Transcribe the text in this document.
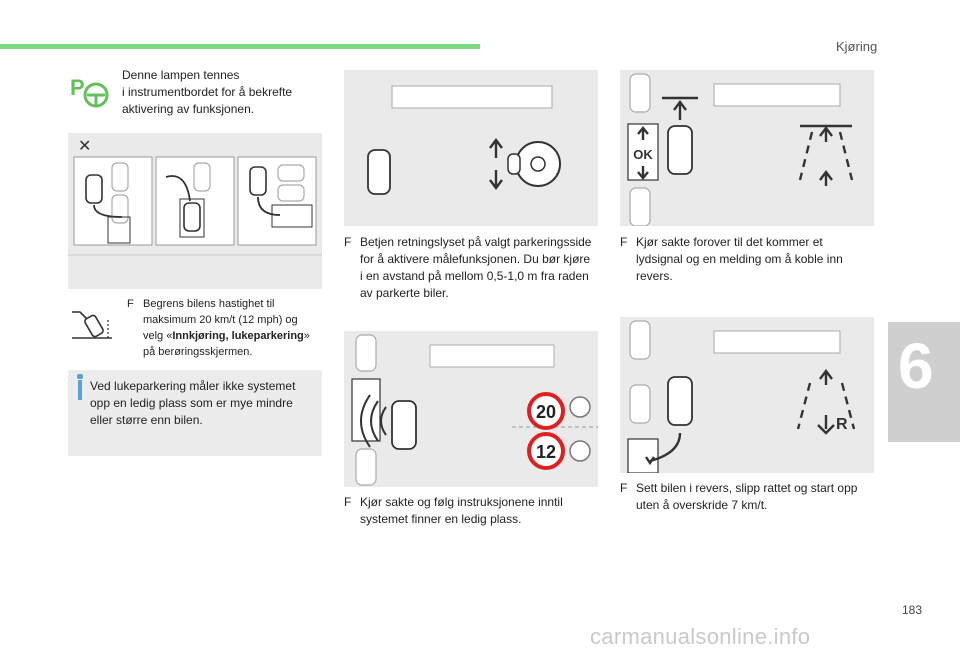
Kjøring
6
183
carmanualsonline.info
P	Denne lampen tennes
i instrumentbordet for å bekrefte
aktivering av funksjonen.
✕
F Begrens bilens hastighet til
maksimum 20 km/t (12 mph) og
velg «Innkjøring, lukeparkering»
på berøringsskjermen.
Ved lukeparkering måler ikke systemet
opp en ledig plass som er mye mindre
eller større enn bilen.
F Betjen retningslyset på valgt parkeringsside
for å aktivere målefunksjonen. Du bør kjøre
i en avstand på mellom 0,5-1,0 m fra raden
av parkerte biler.
20
12
F Kjør sakte og følg instruksjonene inntil
systemet finner en ledig plass.
OK
F Kjør sakte forover til det kommer et
lydsignal og en melding om å koble inn
revers.
R
F Sett bilen i revers, slipp rattet og start opp
uten å overskride 7 km/t.
